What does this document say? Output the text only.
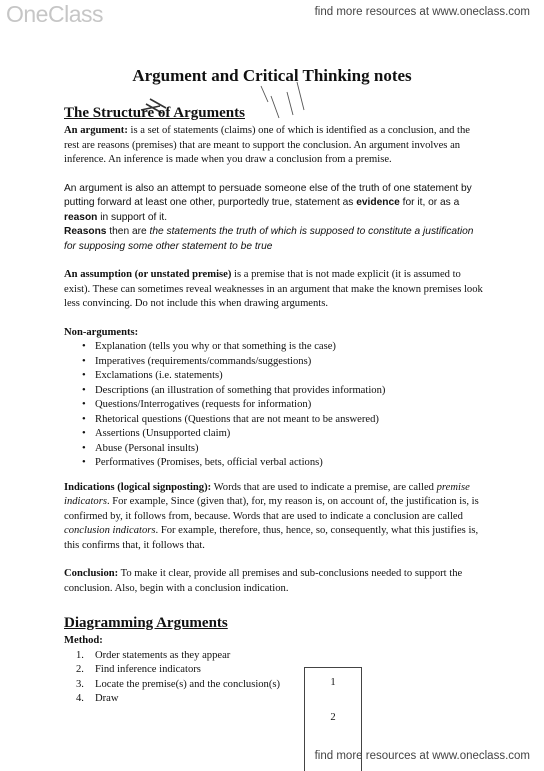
OneClass	find more resources at www.oneclass.com
Argument and Critical Thinking notes
The Structure of Arguments

An argument: is a set of statements (claims) one of which is identified as a conclusion, and the rest are reasons (premises) that are meant to support the conclusion. An argument involves an inference. An inference is made when you draw a conclusion from a premise.

An argument is also an attempt to persuade someone else of the truth of one statement by putting forward at least one other, purportedly true, statement as evidence for it, or as a reason in support of it.

Reasons then are the statements the truth of which is supposed to constitute a justification for supposing some other statement to be true

An assumption (or unstated premise) is a premise that is not made explicit (it is assumed to exist). These can sometimes reveal weaknesses in an argument that make the known premises look less convincing. Do not include this when drawing arguments.

Non-arguments:

• Explanation (tells you why or that something is the case)
• Imperatives (requirements/commands/suggestions)
• Exclamations (i.e. statements)
• Descriptions (an illustration of something that provides information)
• Questions/Interrogatives (requests for information)
• Rhetorical questions (Questions that are not meant to be answered)
• Assertions (Unsupported claim)
• Abuse (Personal insults)
• Performatives (Promises, bets, official verbal actions)

Indications (logical signposting): Words that are used to indicate a premise, are called premise indicators. For example, Since (given that), for, my reason is, on account of, the justification is, is confirmed by, it follows from, because. Words that are used to indicate a conclusion are called conclusion indicators. For example, therefore, thus, hence, so, consequently, what this justifies is, this confirms that, it follows that.

Conclusion: To make it clear, provide all premises and sub-conclusions needed to support the conclusion. Also, begin with a conclusion indication.

Diagramming Arguments

Method:

1. Order statements as they appear
2. Find inference indicators
3. Locate the premise(s) and the conclusion(s)
4. Draw
1
2
find more resources at www.oneclass.com
